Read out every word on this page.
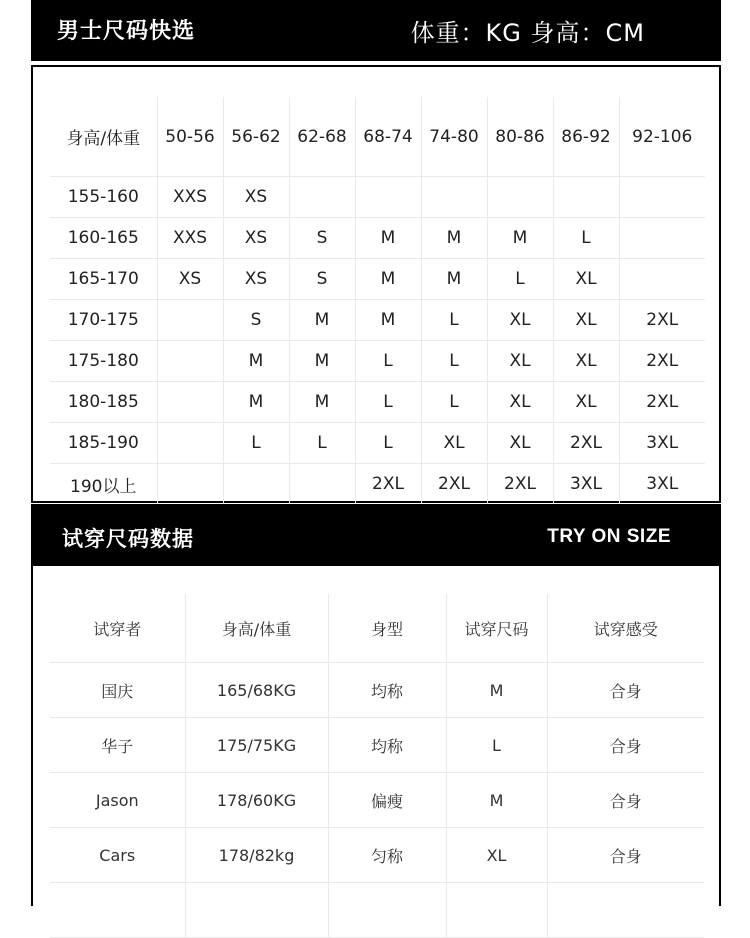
男士尺码快选	体重：KG 身高：CM
身高/体重	50-56	56-62	62-68	68-74	74-80	80-86	86-92	92-106
155-160	XXS	XS						
160-165	XXS	XS	S	M	M	M	L	
165-170	XS	XS	S	M	M	L	XL	
170-175		S	M	M	L	XL	XL	2XL
175-180		M	M	L	L	XL	XL	2XL
180-185		M	M	L	L	XL	XL	2XL
185-190		L	L	L	XL	XL	2XL	3XL
190以上				2XL	2XL	2XL	3XL	3XL
试穿尺码数据	TRY ON SIZE
试穿者	身高/体重	身型	试穿尺码	试穿感受
国庆	165/68KG	均称	M	合身
华子	175/75KG	均称	L	合身
Jason	178/60KG	偏瘦	M	合身
Cars	178/82kg	匀称	XL	合身
